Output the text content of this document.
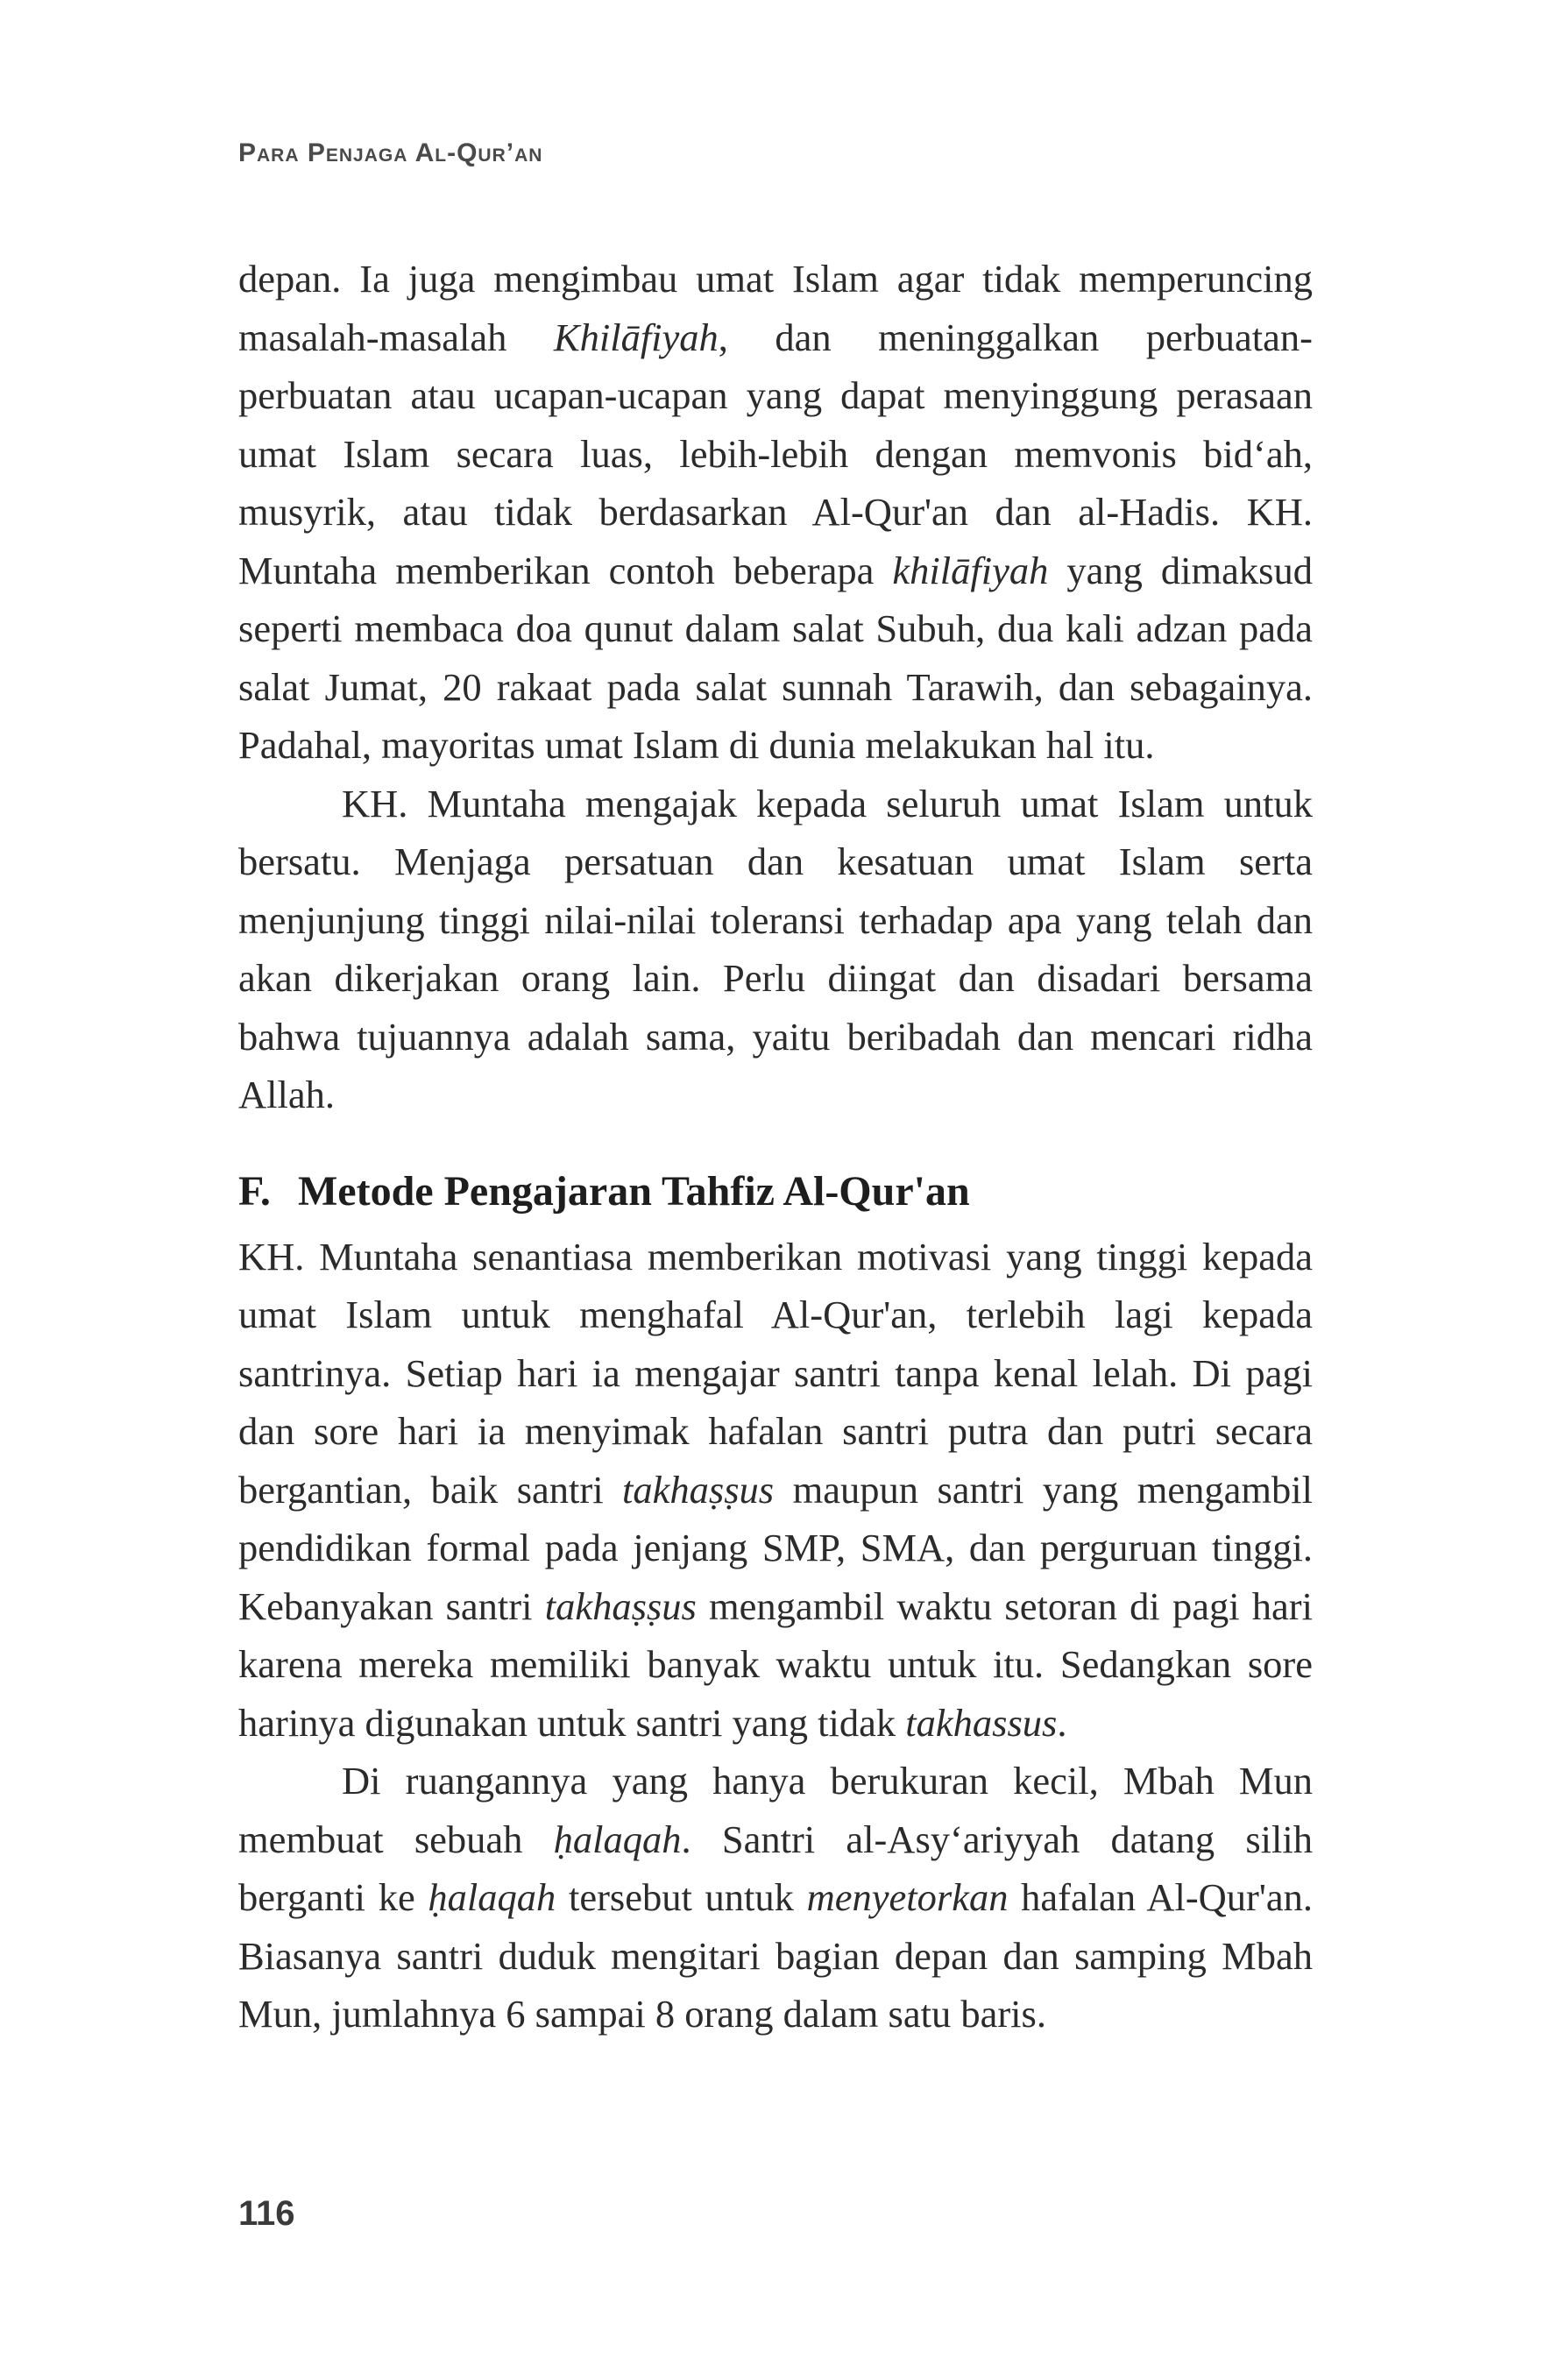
Para Penjaga Al-Qur’an

depan. Ia juga mengimbau umat Islam agar tidak memperuncing masalah-masalah Khilāfiyah, dan meninggalkan perbuatan-perbuatan atau ucapan-ucapan yang dapat menyinggung perasaan umat Islam secara luas, lebih-lebih dengan memvonis bid‘ah, musyrik, atau tidak berdasarkan Al-Qur'an dan al-Hadis. KH. Muntaha memberikan contoh beberapa khilāfiyah yang dimaksud seperti membaca doa qunut dalam salat Subuh, dua kali adzan pada salat Jumat, 20 rakaat pada salat sunnah Tarawih, dan sebagainya. Padahal, mayoritas umat Islam di dunia melakukan hal itu.

KH. Muntaha mengajak kepada seluruh umat Islam untuk bersatu. Menjaga persatuan dan kesatuan umat Islam serta menjunjung tinggi nilai-nilai toleransi terhadap apa yang telah dan akan dikerjakan orang lain. Perlu diingat dan disadari bersama bahwa tujuannya adalah sama, yaitu beribadah dan mencari ridha Allah.

F. Metode Pengajaran Tahfiz Al-Qur'an

KH. Muntaha senantiasa memberikan motivasi yang tinggi kepada umat Islam untuk menghafal Al-Qur'an, terlebih lagi kepada santrinya. Setiap hari ia mengajar santri tanpa kenal lelah. Di pagi dan sore hari ia menyimak hafalan santri putra dan putri secara bergantian, baik santri takhaṣṣus maupun santri yang mengambil pendidikan formal pada jenjang SMP, SMA, dan perguruan tinggi. Kebanyakan santri takhaṣṣus mengambil waktu setoran di pagi hari karena mereka memiliki banyak waktu untuk itu. Sedangkan sore harinya digunakan untuk santri yang tidak takhassus.

Di ruangannya yang hanya berukuran kecil, Mbah Mun membuat sebuah ḥalaqah. Santri al-Asy‘ariyyah datang silih berganti ke ḥalaqah tersebut untuk menyetorkan hafalan Al-Qur'an. Biasanya santri duduk mengitari bagian depan dan samping Mbah Mun, jumlahnya 6 sampai 8 orang dalam satu baris.

116
